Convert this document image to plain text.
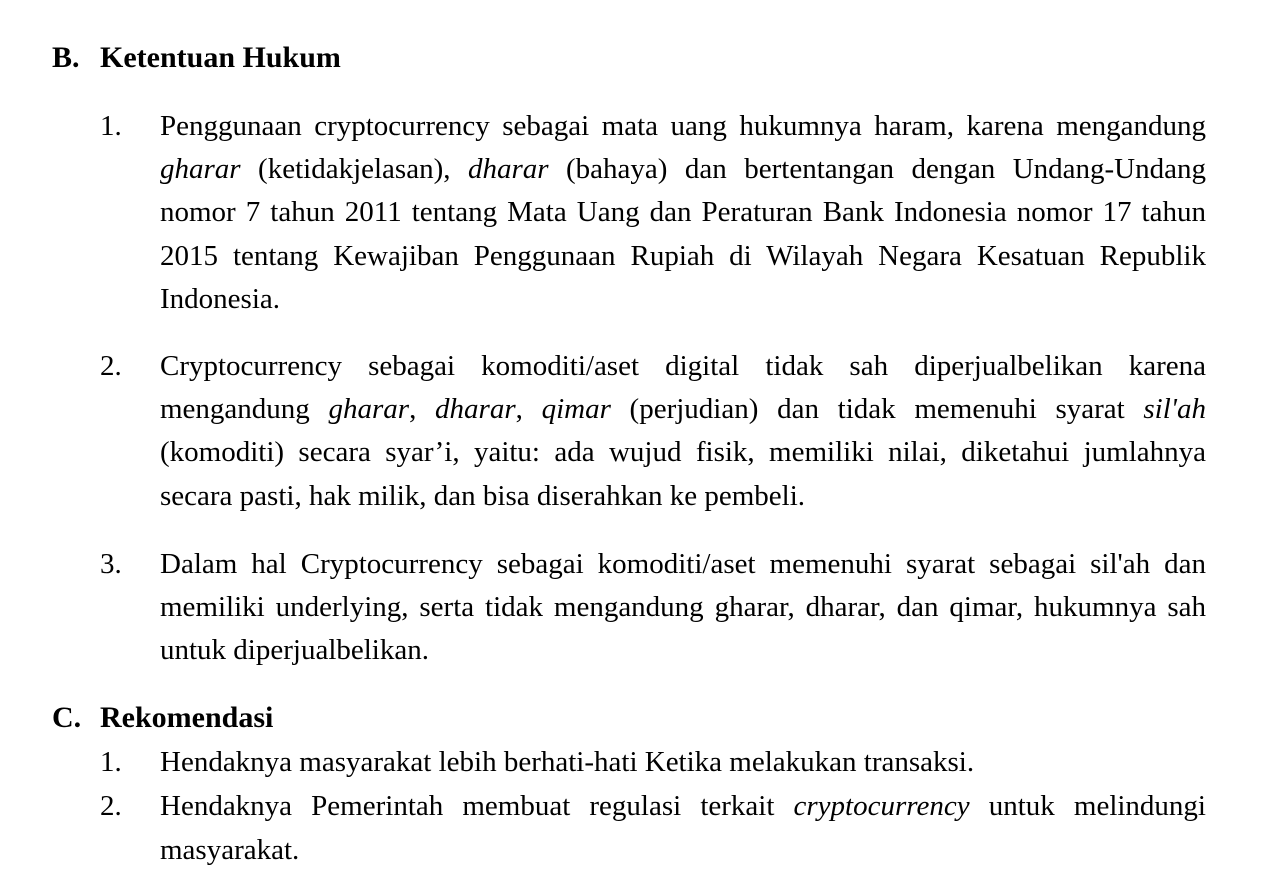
B. Ketentuan Hukum
1. Penggunaan cryptocurrency sebagai mata uang hukumnya haram, karena mengandung gharar (ketidakjelasan), dharar (bahaya) dan bertentangan dengan Undang-Undang nomor 7 tahun 2011 tentang Mata Uang dan Peraturan Bank Indonesia nomor 17 tahun 2015 tentang Kewajiban Penggunaan Rupiah di Wilayah Negara Kesatuan Republik Indonesia.
2. Cryptocurrency sebagai komoditi/aset digital tidak sah diperjualbelikan karena mengandung gharar, dharar, qimar (perjudian) dan tidak memenuhi syarat sil'ah (komoditi) secara syar’i, yaitu: ada wujud fisik, memiliki nilai, diketahui jumlahnya secara pasti, hak milik, dan bisa diserahkan ke pembeli.
3. Dalam hal Cryptocurrency sebagai komoditi/aset memenuhi syarat sebagai sil'ah dan memiliki underlying, serta tidak mengandung gharar, dharar, dan qimar, hukumnya sah untuk diperjualbelikan.
C. Rekomendasi
1. Hendaknya masyarakat lebih berhati-hati Ketika melakukan transaksi.
2. Hendaknya Pemerintah membuat regulasi terkait cryptocurrency untuk melindungi masyarakat.
